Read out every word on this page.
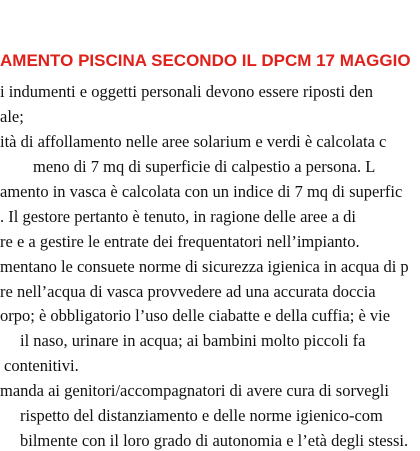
AMENTO PISCINA SECONDO IL DPCM 17 MAGGIO
i indumenti e oggetti personali devono essere riposti den
ale;
ità di affollamento nelle aree solarium e verdi è calcolata c
meno di 7 mq di superficie di calpestio a persona. L
amento in vasca è calcolata con un indice di 7 mq di superfic
. Il gestore pertanto è tenuto, in ragione delle aree a di
re e a gestire le entrate dei frequentatori nell’impianto.
mentano le consuete norme di sicurezza igienica in acqua di p
re nell’acqua di vasca provvedere ad una accurata doccia
orpo; è obbligatorio l’uso delle ciabatte e della cuffia; è vie
il naso, urinare in acqua; ai bambini molto piccoli fa
contenitivi.
manda ai genitori/accompagnatori di avere cura di sorvegli
rispetto del distanziamento e delle norme igienico-com
bilmente con il loro grado di autonomia e l’età degli stessi.
